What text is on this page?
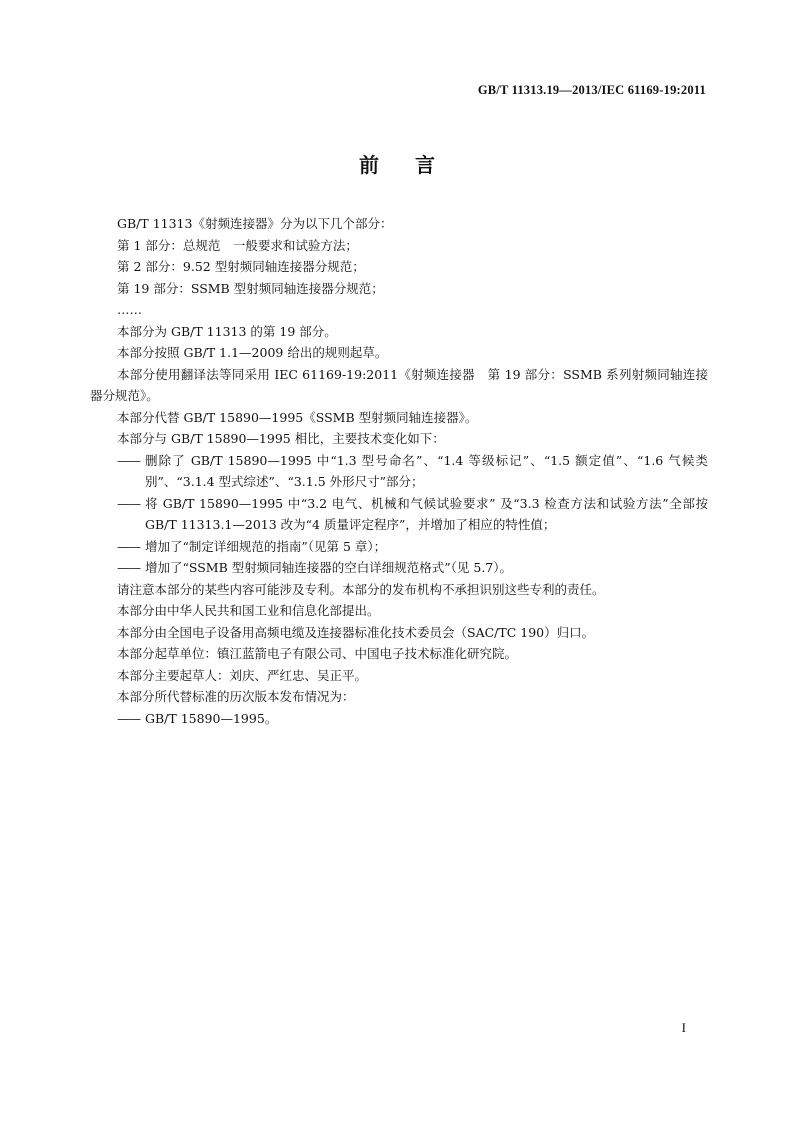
GB/T 11313.19—2013/IEC 61169-19:2011
前言

GB/T 11313《射频连接器》分为以下几个部分：

第 1 部分：总规范　一般要求和试验方法；

第 2 部分：9.52 型射频同轴连接器分规范；

第 19 部分：SSMB 型射频同轴连接器分规范；

……

本部分为 GB/T 11313 的第 19 部分。

本部分按照 GB/T 1.1—2009 给出的规则起草。

本部分使用翻译法等同采用 IEC 61169-19:2011《射频连接器　第 19 部分：SSMB 系列射频同轴连接器分规范》。

本部分代替 GB/T 15890—1995《SSMB 型射频同轴连接器》。

本部分与 GB/T 15890—1995 相比，主要技术变化如下：

—— 删除了 GB/T 15890—1995 中“1.3 型号命名”、“1.4 等级标记”、“1.5 额定值”、“1.6 气候类别”、“3.1.4 型式综述”、“3.1.5 外形尺寸”部分；
—— 将 GB/T 15890—1995 中“3.2 电气、机械和气候试验要求” 及“3.3 检查方法和试验方法”全部按 GB/T 11313.1—2013 改为“4 质量评定程序”，并增加了相应的特性值；
—— 增加了“制定详细规范的指南”（见第 5 章）；
—— 增加了“SSMB 型射频同轴连接器的空白详细规范格式”（见 5.7）。

请注意本部分的某些内容可能涉及专利。本部分的发布机构不承担识别这些专利的责任。

本部分由中华人民共和国工业和信息化部提出。

本部分由全国电子设备用高频电缆及连接器标准化技术委员会（SAC/TC 190）归口。

本部分起草单位：镇江蓝箭电子有限公司、中国电子技术标准化研究院。

本部分主要起草人：刘庆、严红忠、吴正平。

本部分所代替标准的历次版本发布情况为：

—— GB/T 15890—1995。
I
